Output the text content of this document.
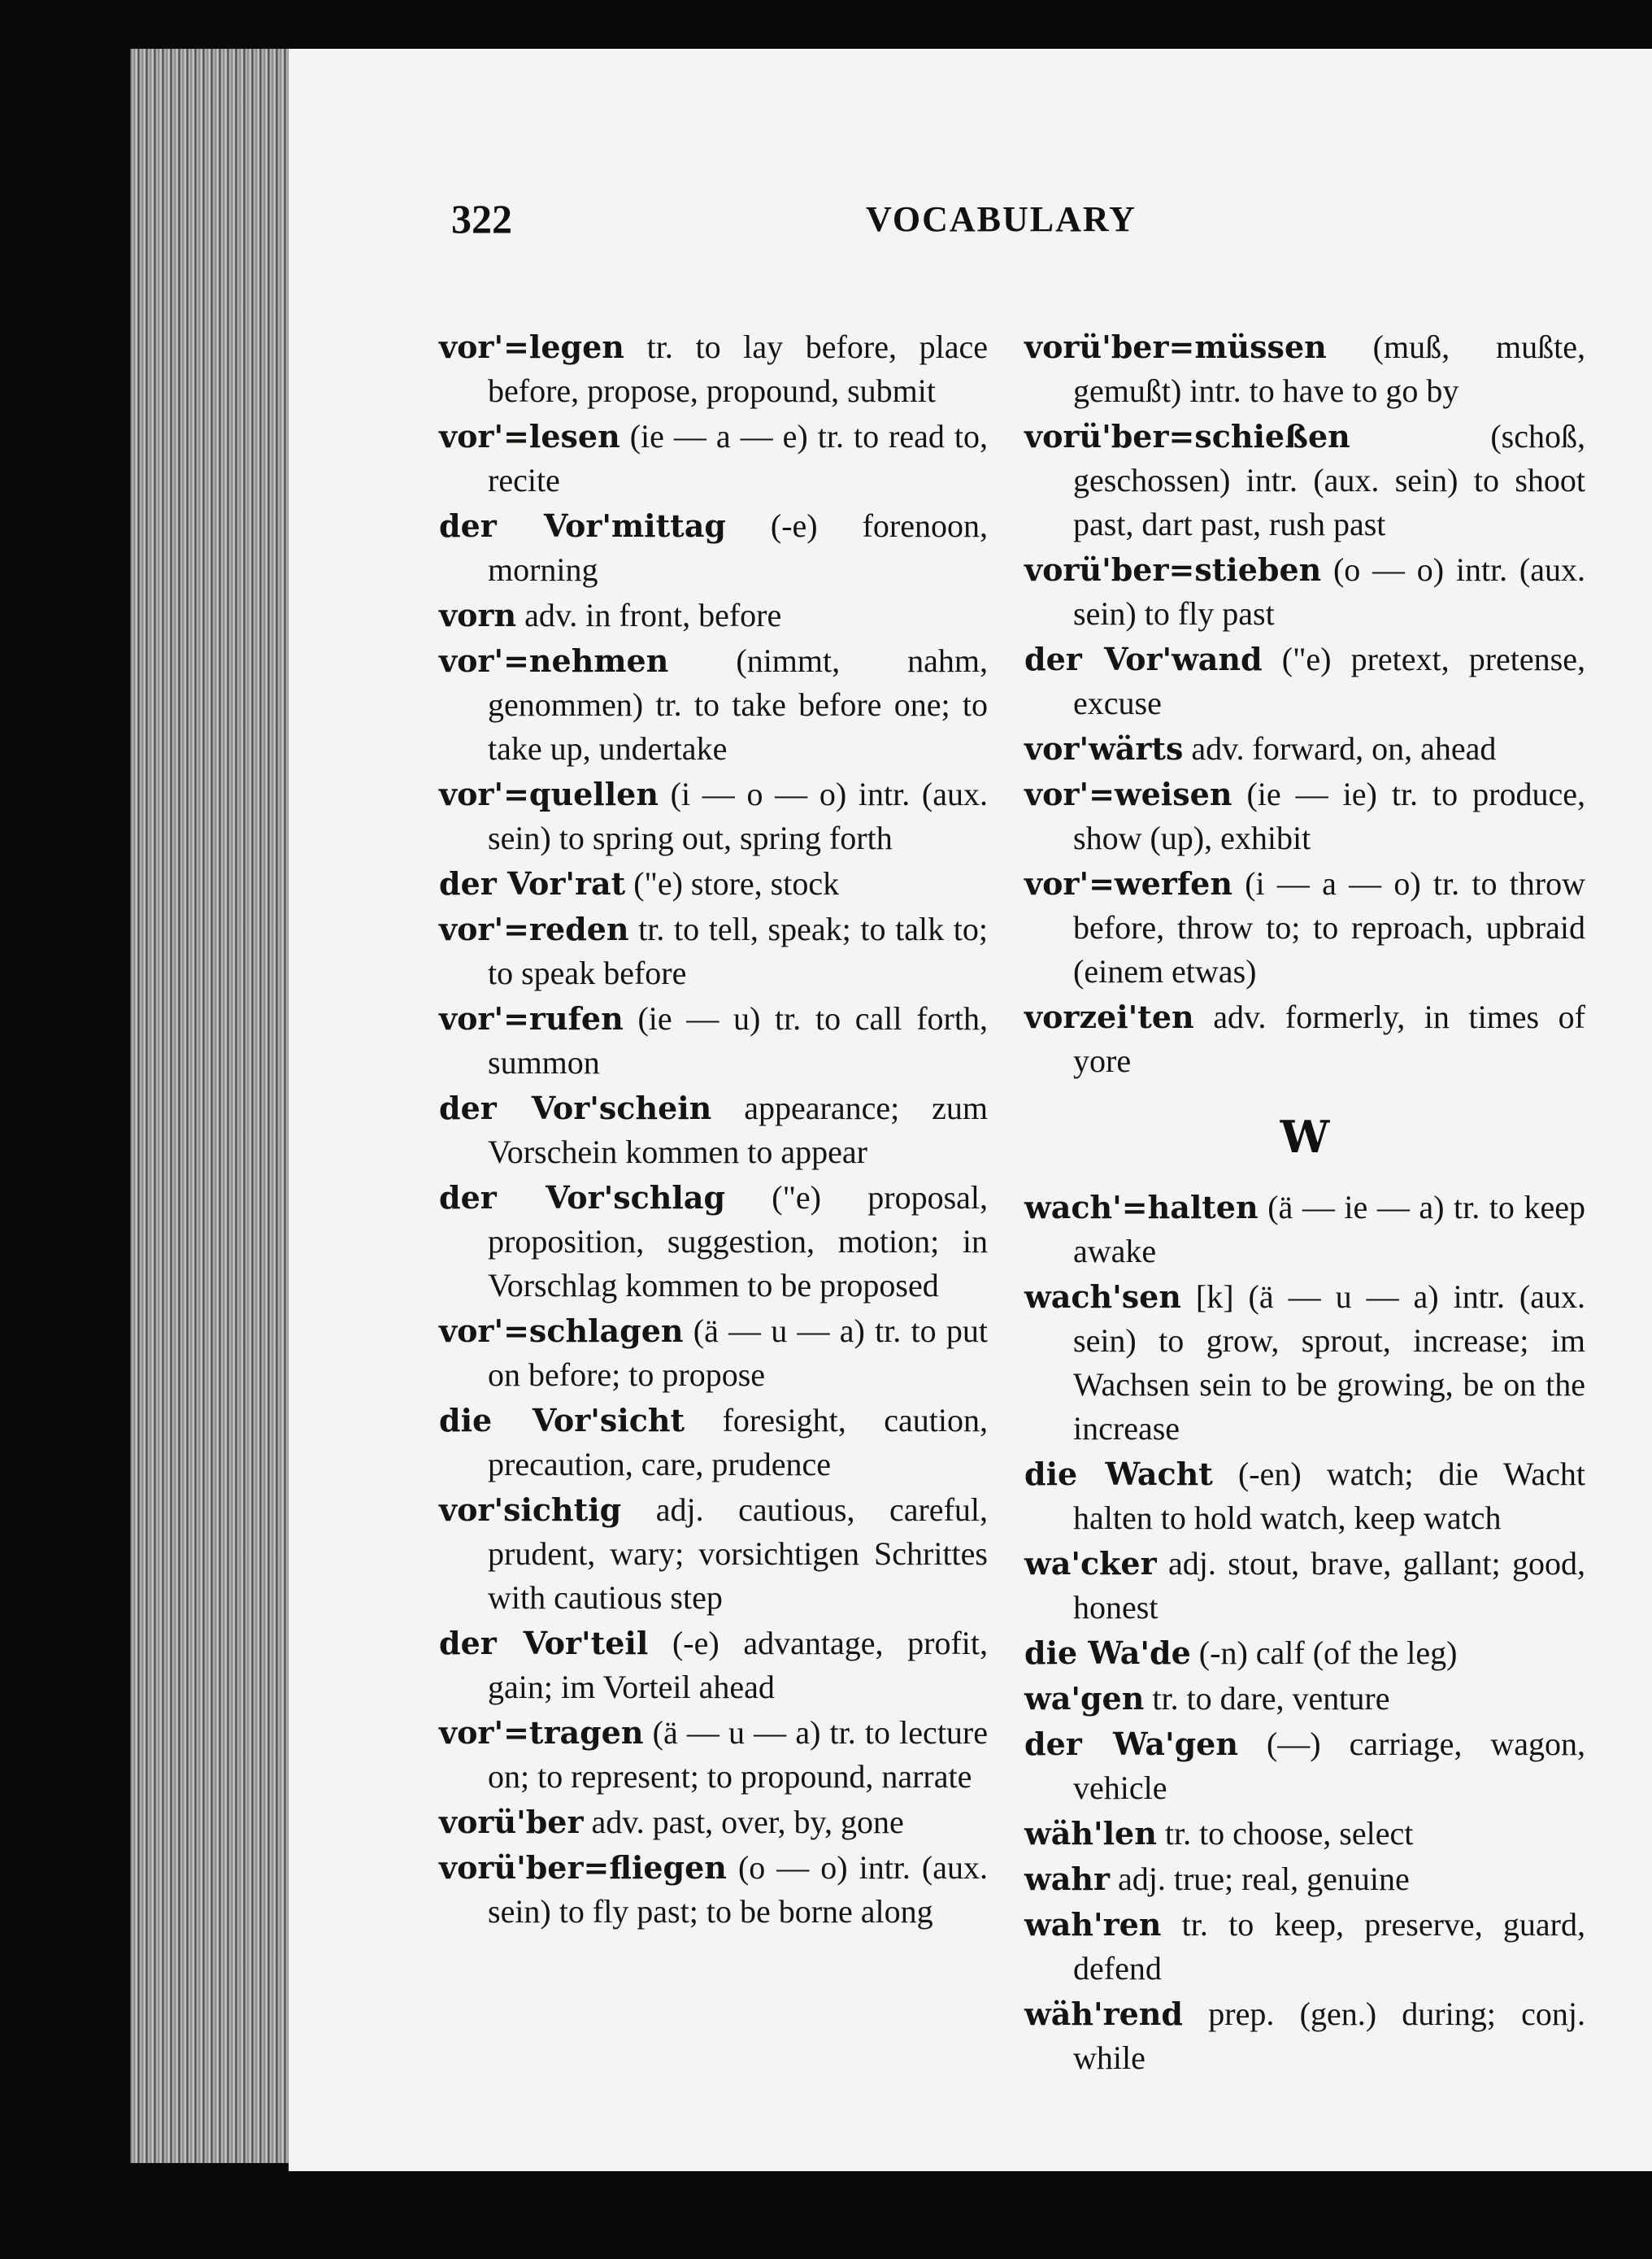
322	VOCABULARY

vor'=legen tr. to lay before, place before, propose, propound, submit

vor'=lesen (ie — a — e) tr. to read to, recite

der Vor'mittag (-e) forenoon, morning

vorn adv. in front, before

vor'=nehmen (nimmt, nahm, genommen) tr. to take before one; to take up, undertake

vor'=quellen (i — o — o) intr. (aux. sein) to spring out, spring forth

der Vor'rat ("e) store, stock

vor'=reden tr. to tell, speak; to talk to; to speak before

vor'=rufen (ie — u) tr. to call forth, summon

der Vor'schein appearance; zum Vorschein kommen to appear

der Vor'schlag ("e) proposal, proposition, suggestion, motion; in Vorschlag kommen to be proposed

vor'=schlagen (ä — u — a) tr. to put on before; to propose

die Vor'sicht foresight, caution, precaution, care, prudence

vor'sichtig adj. cautious, careful, prudent, wary; vorsichtigen Schrittes with cautious step

der Vor'teil (-e) advantage, profit, gain; im Vorteil ahead

vor'=tragen (ä — u — a) tr. to lecture on; to represent; to propound, narrate

vorü'ber adv. past, over, by, gone

vorü'ber=fliegen (o — o) intr. (aux. sein) to fly past; to be borne along

vorü'ber=müssen (muß, mußte, gemußt) intr. to have to go by

vorü'ber=schießen (schoß, geschossen) intr. (aux. sein) to shoot past, dart past, rush past

vorü'ber=stieben (o — o) intr. (aux. sein) to fly past

der Vor'wand ("e) pretext, pretense, excuse

vor'wärts adv. forward, on, ahead

vor'=weisen (ie — ie) tr. to produce, show (up), exhibit

vor'=werfen (i — a — o) tr. to throw before, throw to; to reproach, upbraid (einem etwas)

vorzei'ten adv. formerly, in times of yore

W

wach'=halten (ä — ie — a) tr. to keep awake

wach'sen [k] (ä — u — a) intr. (aux. sein) to grow, sprout, increase; im Wachsen sein to be growing, be on the increase

die Wacht (-en) watch; die Wacht halten to hold watch, keep watch

wa'cker adj. stout, brave, gallant; good, honest

die Wa'de (-n) calf (of the leg)

wa'gen tr. to dare, venture

der Wa'gen (—) carriage, wagon, vehicle

wäh'len tr. to choose, select

wahr adj. true; real, genuine

wah'ren tr. to keep, preserve, guard, defend

wäh'rend prep. (gen.) during; conj. while
